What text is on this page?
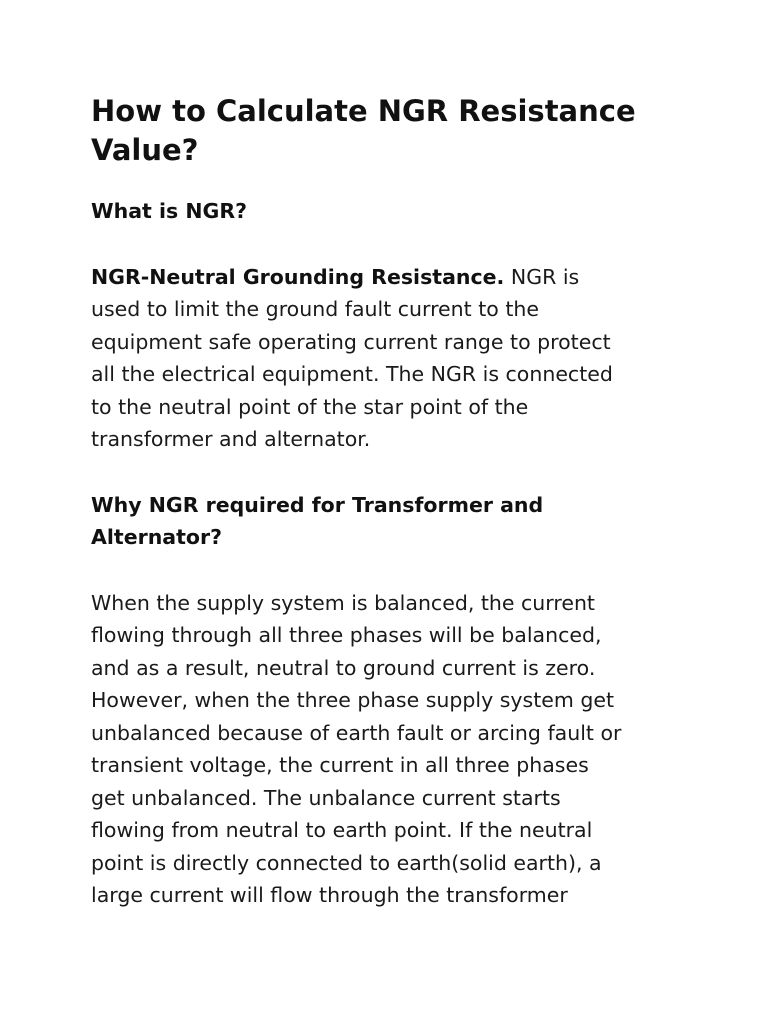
How to Calculate NGR Resistance
Value?
What is NGR?

NGR-Neutral Grounding Resistance. NGR is
used to limit the ground fault current to the
equipment safe operating current range to protect
all the electrical equipment. The NGR is connected
to the neutral point of the star point of the
transformer and alternator.

Why NGR required for Transformer and
Alternator?

When the supply system is balanced, the current
flowing through all three phases will be balanced,
and as a result, neutral to ground current is zero.
However, when the three phase supply system get
unbalanced because of earth fault or arcing fault or
transient voltage, the current in all three phases
get unbalanced. The unbalance current starts
flowing from neutral to earth point. If the neutral
point is directly connected to earth(solid earth), a
large current will flow through the transformer
